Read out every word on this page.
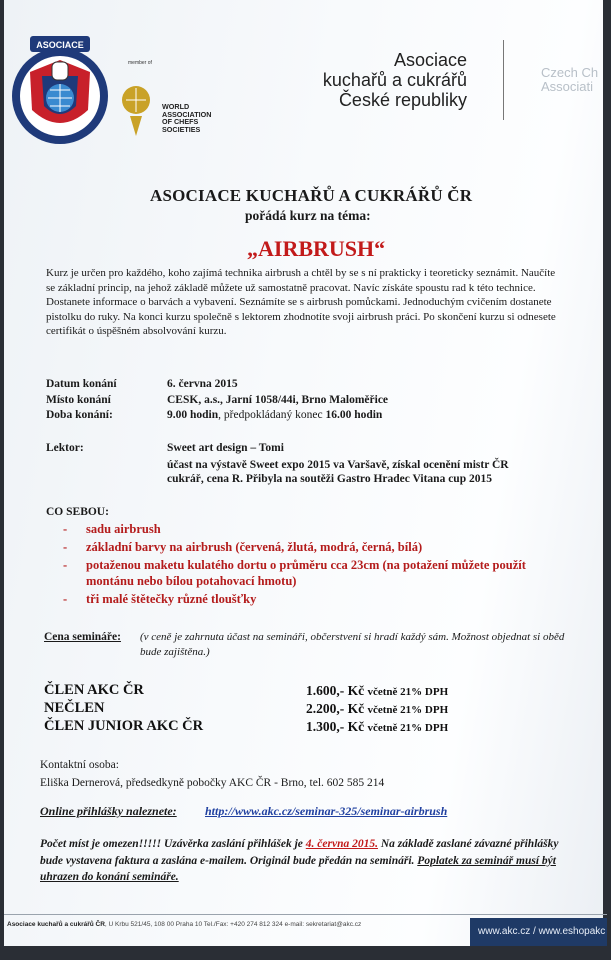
ASOCIACE
member of
WORLD ASSOCIATION OF CHEFS SOCIETIES
Asociace
kuchařů a cukrářů
České republiky
Czech Ch
Associati
ASOCIACE KUCHAŘŮ A CUKRÁŘŮ ČR
pořádá kurz na téma:
„AIRBRUSH“
Kurz je určen pro každého, koho zajímá technika airbrush a chtěl by se s ní prakticky i teoreticky seznámit. Naučíte se základní princip, na jehož základě můžete už samostatně pracovat. Navíc získáte spoustu rad k této technice. Dostanete informace o barvách a vybavení. Seznámíte se s airbrush pomůckami. Jednoduchým cvičením dostanete pistolku do ruky. Na konci kurzu společně s lektorem zhodnotíte svoji airbrush práci. Po skončení kurzu si odnesete certifikát o úspěšném absolvování kurzu.
Datum konání	6. června 2015
Místo konání	CESK, a.s., Jarní 1058/44i, Brno Maloměřice
Doba konání:	9.00 hodin, předpokládaný konec 16.00 hodin
Lektor:	Sweet art design – Tomi
účast na výstavě Sweet expo 2015 va Varšavě, získal ocenění mistr ČR
cukrář, cena R. Přibyla na soutěži Gastro Hradec Vitana cup 2015
CO SEBOU:
- sadu airbrush
- základní barvy na airbrush (červená, žlutá, modrá, černá, bílá)
- potaženou maketu kulatého dortu o průměru cca 23cm (na potažení můžete použít montánu nebo bílou potahovací hmotu)
- tři malé štětečky různé tloušťky
Cena semináře: (v ceně je zahrnuta účast na semináři, občerstvení si hradí každý sám. Možnost objednat si oběd bude zajištěna.)
ČLEN AKC ČR	1.600,- Kč včetně 21% DPH
NEČLEN	2.200,- Kč včetně 21% DPH
ČLEN JUNIOR AKC ČR	1.300,- Kč včetně 21% DPH
Kontaktní osoba:
Eliška Dernerová, předsedkyně pobočky AKC ČR - Brno, tel. 602 585 214
Online přihlášky naleznete: http://www.akc.cz/seminar-325/seminar-airbrush
Počet míst je omezen!!!!! Uzávěrka zaslání přihlášek je 4. června 2015. Na základě zaslané závazné přihlášky bude vystavena faktura a zaslána e-mailem. Originál bude předán na semináři. Poplatek za seminář musí být uhrazen do konání semináře.
Asociace kuchařů a cukrářů ČR, U Krbu 521/45, 108 00 Praha 10 Tel./Fax: +420 274 812 324 e-mail: sekretariat@akc.cz
www.akc.cz / www.eshopakc
